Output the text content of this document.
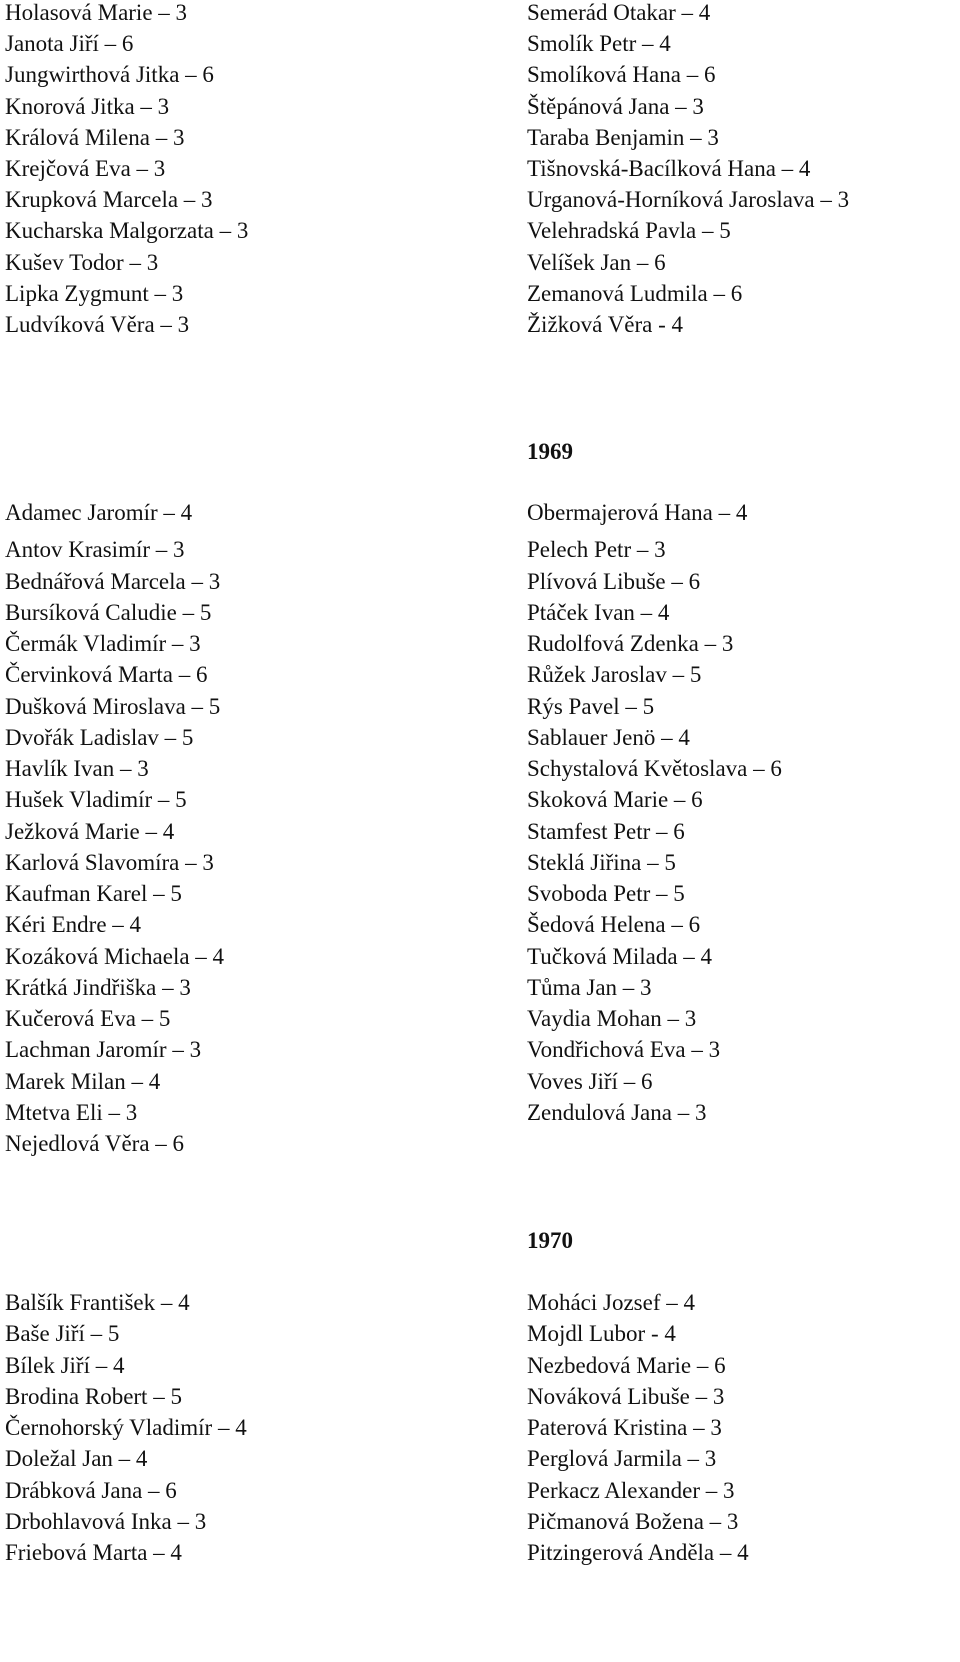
Holasová Marie – 3
Janota Jiří – 6
Jungwirthová Jitka – 6
Knorová Jitka – 3
Králová Milena – 3
Krejčová Eva – 3
Krupková Marcela – 3
Kucharska Malgorzata – 3
Kušev Todor – 3
Lipka Zygmunt – 3
Ludvíková Věra – 3
Semerád Otakar – 4
Smolík Petr – 4
Smolíková Hana – 6
Štěpánová Jana – 3
Taraba Benjamin – 3
Tišnovská-Bacílková Hana – 4
Urganová-Horníková Jaroslava – 3
Velehradská Pavla – 5
Velíšek Jan – 6
Zemanová Ludmila – 6
Žižková Věra - 4
1969
Adamec Jaromír – 4
Antov Krasimír – 3
Bednářová Marcela – 3
Bursíková Caludie – 5
Čermák Vladimír – 3
Červinková Marta – 6
Dušková Miroslava – 5
Dvořák Ladislav – 5
Havlík Ivan – 3
Hušek Vladimír – 5
Ježková Marie – 4
Karlová Slavomíra – 3
Kaufman Karel – 5
Kéri Endre – 4
Kozáková Michaela – 4
Krátká Jindřiška – 3
Kučerová Eva – 5
Lachman Jaromír – 3
Marek Milan – 4
Mtetva Eli – 3
Nejedlová Věra – 6
Obermajerová Hana – 4
Pelech Petr – 3
Plívová Libuše – 6
Ptáček Ivan – 4
Rudolfová Zdenka – 3
Růžek Jaroslav – 5
Rýs Pavel – 5
Sablauer Jenö – 4
Schystalová Květoslava – 6
Skoková Marie – 6
Stamfest Petr – 6
Steklá Jiřina – 5
Svoboda Petr – 5
Šedová Helena – 6
Tučková Milada – 4
Tůma Jan – 3
Vaydia Mohan – 3
Vondřichová Eva – 3
Voves Jiří – 6
Zendulová Jana – 3
1970
Balšík František – 4
Baše Jiří – 5
Bílek Jiří – 4
Brodina Robert – 5
Černohorský Vladimír – 4
Doležal Jan – 4
Drábková Jana – 6
Drbohlavová Inka – 3
Friebová Marta – 4
Moháci Jozsef – 4
Mojdl Lubor - 4
Nezbedová Marie – 6
Nováková Libuše – 3
Paterová Kristina – 3
Perglová Jarmila – 3
Perkacz Alexander – 3
Pičmanová Božena – 3
Pitzingerová Anděla – 4
